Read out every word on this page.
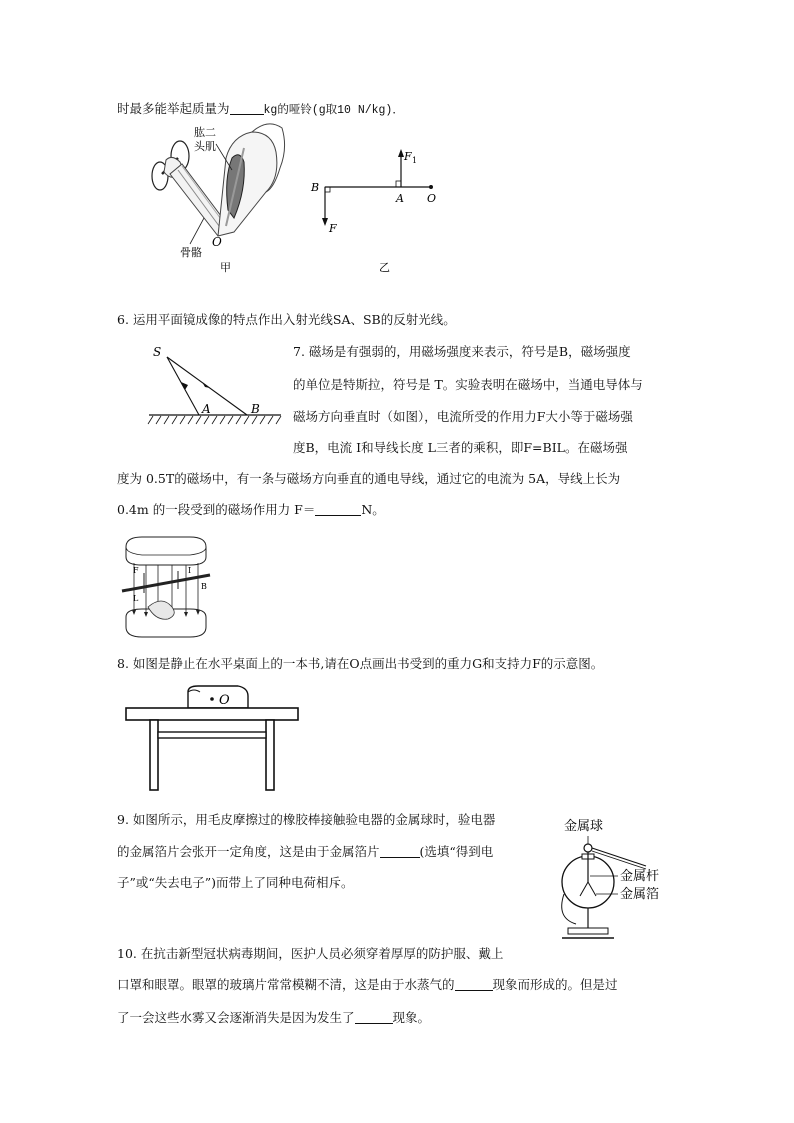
时最多能举起质量为	kg的哑铃(g取10 N/kg)．
肱二
头肌
骨骼
O
甲
F 1
B
A O
F
乙
6. 运用平面镜成像的特点作出入射光线SA、SB的反射光线。
S
A	B
7. 磁场是有强弱的，用磁场强度来表示，符号是B，磁场强度
的单位是特斯拉，符号是 T。实验表明在磁场中，当通电导体与
磁场方向垂直时（如图），电流所受的作用力F大小等于磁场强
度B，电流 I和导线长度 L三者的乘积，即F=BIL。在磁场强
度为 0.5T的磁场中，有一条与磁场方向垂直的通电导线，通过它的电流为 5A，导线上长为
0.4m 的一段受到的磁场作用力 F＝	N。
F
L
I
B
8. 如图是静止在水平桌面上的一本书,请在O点画出书受到的重力G和支持力F的示意图。
O
9. 如图所示，用毛皮摩擦过的橡胶棒接触验电器的金属球时，验电器
的金属箔片会张开一定角度，这是由于金属箔片	(选填“得到电
子”或“失去电子”)而带上了同种电荷相斥。
金属球
金属杆
金属箔
10. 在抗击新型冠状病毒期间，医护人员必须穿着厚厚的防护服、戴上
口罩和眼罩。眼罩的玻璃片常常模糊不清，这是由于水蒸气的	现象而形成的。但是过
了一会这些水雾又会逐渐消失是因为发生了	现象。
